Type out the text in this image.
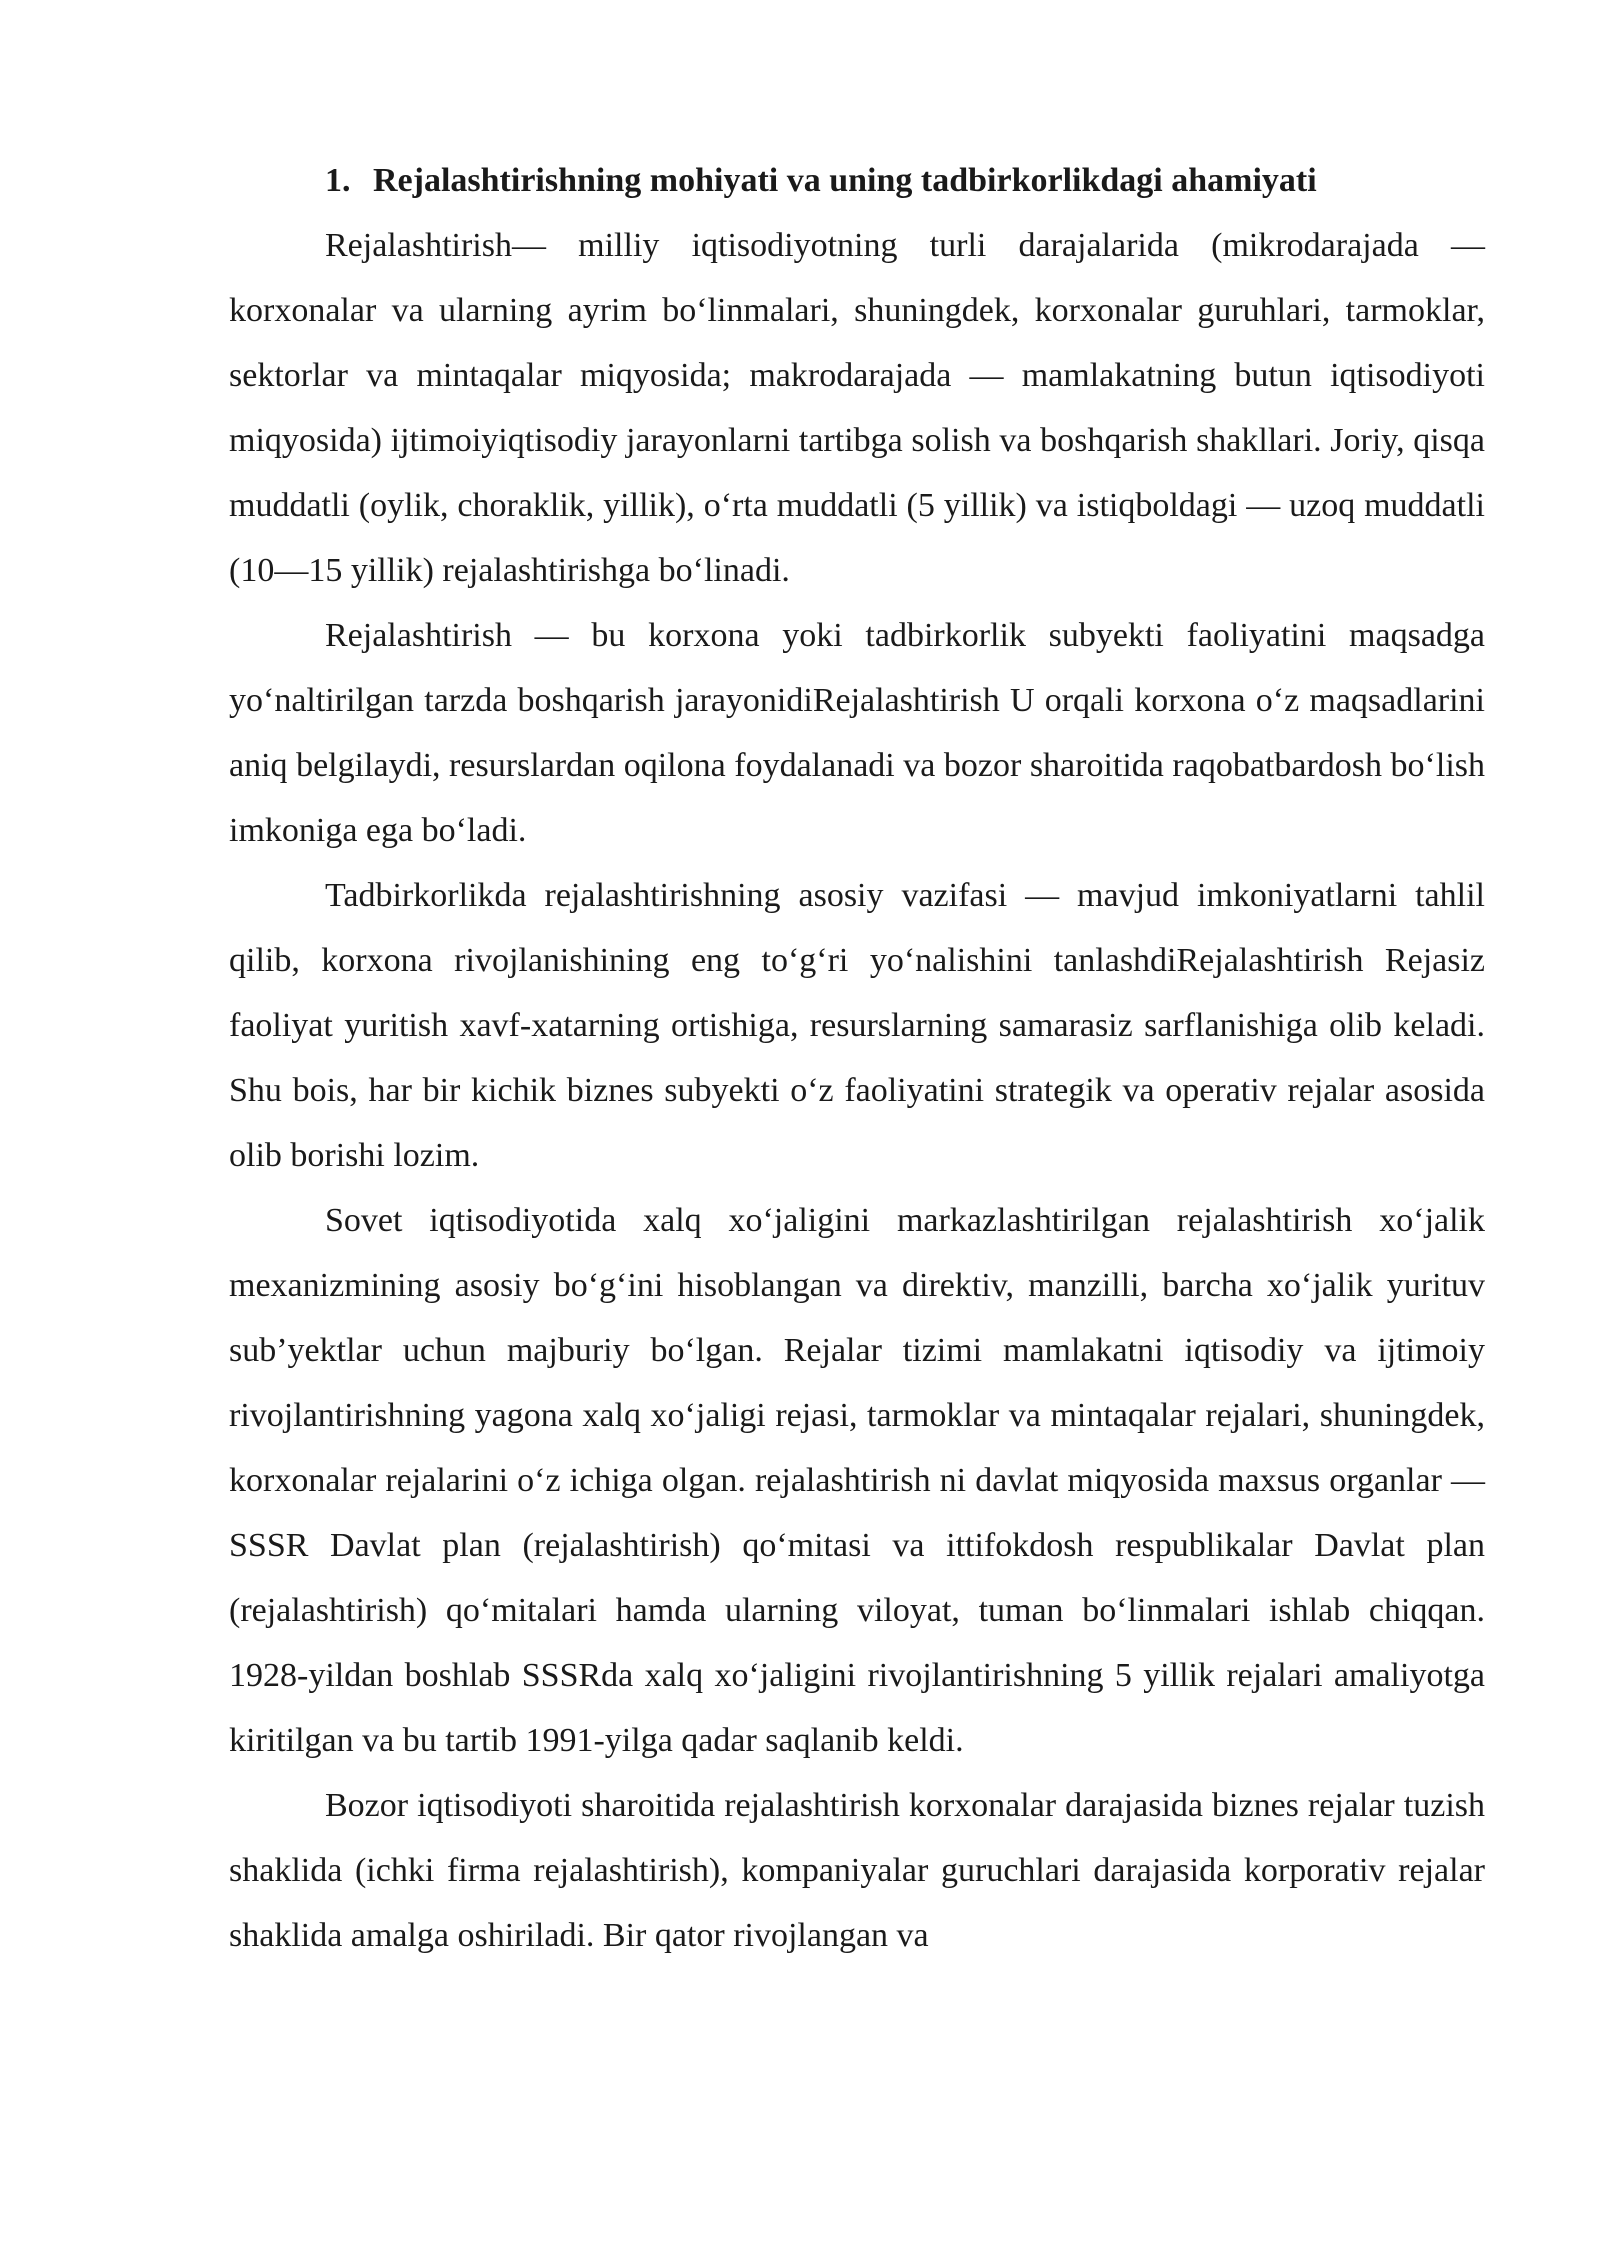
1. Rejalashtirishning mohiyati va uning tadbirkorlikdagi ahamiyati

Rejalashtirish— milliy iqtisodiyotning turli darajalarida (mikrodarajada — korxonalar va ularning ayrim boʻlinmalari, shuningdek, korxonalar guruhlari, tarmoklar, sektorlar va mintaqalar miqyosida; makrodarajada — mamlakatning butun iqtisodiyoti miqyosida) ijtimoiyiqtisodiy jarayonlarni tartibga solish va boshqarish shakllari. Joriy, qisqa muddatli (oylik, choraklik, yillik), oʻrta muddatli (5 yillik) va istiqboldagi — uzoq muddatli (10—15 yillik) rejalashtirishga boʻlinadi.

Rejalashtirish — bu korxona yoki tadbirkorlik subyekti faoliyatini maqsadga yoʻnaltirilgan tarzda boshqarish jarayonidiRejalashtirish U orqali korxona oʻz maqsadlarini aniq belgilaydi, resurslardan oqilona foydalanadi va bozor sharoitida raqobatbardosh boʻlish imkoniga ega boʻladi.

Tadbirkorlikda rejalashtirishning asosiy vazifasi — mavjud imkoniyatlarni tahlil qilib, korxona rivojlanishining eng toʻgʻri yoʻnalishini tanlashdiRejalashtirish Rejasiz faoliyat yuritish xavf-xatarning ortishiga, resurslarning samarasiz sarflanishiga olib keladi. Shu bois, har bir kichik biznes subyekti oʻz faoliyatini strategik va operativ rejalar asosida olib borishi lozim.

Sovet iqtisodiyotida xalq xoʻjaligini markazlashtirilgan rejalashtirish xoʻjalik mexanizmining asosiy boʻgʻini hisoblangan va direktiv, manzilli, barcha xoʻjalik yurituv sub’yektlar uchun majburiy boʻlgan. Rejalar tizimi mamlakatni iqtisodiy va ijtimoiy rivojlantirishning yagona xalq xoʻjaligi rejasi, tarmoklar va mintaqalar rejalari, shuningdek, korxonalar rejalarini oʻz ichiga olgan. rejalashtirish ni davlat miqyosida maxsus organlar — SSSR Davlat plan (rejalashtirish) qoʻmitasi va ittifokdosh respublikalar Davlat plan (rejalashtirish) qoʻmitalari hamda ularning viloyat, tuman boʻlinmalari ishlab chiqqan. 1928-yildan boshlab SSSRda xalq xoʻjaligini rivojlantirishning 5 yillik rejalari amaliyotga kiritilgan va bu tartib 1991-yilga qadar saqlanib keldi.

Bozor iqtisodiyoti sharoitida rejalashtirish korxonalar darajasida biznes rejalar tuzish shaklida (ichki firma rejalashtirish), kompaniyalar guruchlari darajasida korporativ rejalar shaklida amalga oshiriladi. Bir qator rivojlangan va
